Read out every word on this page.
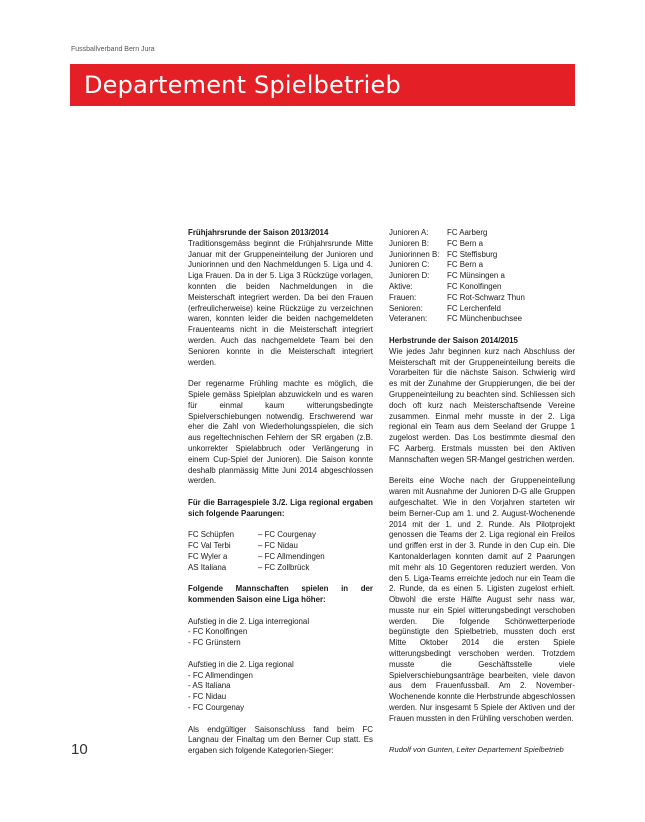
Fussballverband Bern Jura
Departement Spielbetrieb
Frühjahrsrunde der Saison 2013/2014

Traditionsgemäss beginnt die Frühjahrsrunde Mitte Januar mit der Gruppeneinteilung der Junioren und Juniorinnen und den Nachmeldungen 5. Liga und 4. Liga Frauen. Da in der 5. Liga 3 Rückzüge vorlagen, konnten die beiden Nachmeldungen in die Meisterschaft integriert werden. Da bei den Frauen (erfreulicherweise) keine Rückzüge zu verzeichnen waren, konnten leider die beiden nachgemeldeten Frauenteams nicht in die Meisterschaft integriert werden. Auch das nachgemeldete Team bei den Senioren konnte in die Meisterschaft integriert werden.

Der regenarme Frühling machte es möglich, die Spiele gemäss Spielplan abzuwickeln und es waren für einmal kaum witterungsbedingte Spielverschiebungen notwendig. Erschwerend war eher die Zahl von Wiederholungsspielen, die sich aus regeltechnischen Fehlern der SR ergaben (z.B. unkorrekter Spielabbruch oder Verlängerung in einem Cup-Spiel der Junioren). Die Saison konnte deshalb planmässig Mitte Juni 2014 abgeschlossen werden.

Für die Barragespiele 3./2. Liga regional ergaben sich folgende Paarungen:

FC Schüpfen	– FC Courgenay
FC Val Terbi	– FC Nidau
FC Wyler a	– FC Allmendingen
AS Italiana	– FC Zollbrück

Folgende Mannschaften spielen in der kommenden Saison eine Liga höher:

Aufstieg in die 2. Liga interregional
- FC Konolfingen
- FC Grünstern
Aufstieg in die 2. Liga regional
- FC Allmendingen
- AS Italiana
- FC Nidau
- FC Courgenay

Als endgültiger Saisonschluss fand beim FC Langnau der Finaltag um den Berner Cup statt. Es ergaben sich folgende Kategorien-Sieger:

Junioren A:	FC Aarberg
Junioren B:	FC Bern a
Juniorinnen B: FC Steffisburg
Junioren C:	FC Bern a
Junioren D:	FC Münsingen a
Aktive:	FC Konolfingen
Frauen:	FC Rot-Schwarz Thun
Senioren:	FC Lerchenfeld
Veteranen:	FC Münchenbuchsee
Herbstrunde der Saison 2014/2015

Wie jedes Jahr beginnen kurz nach Abschluss der Meisterschaft mit der Gruppeneinteilung bereits die Vorarbeiten für die nächste Saison. Schwierig wird es mit der Zunahme der Gruppierungen, die bei der Gruppeneinteilung zu beachten sind. Schliessen sich doch oft kurz nach Meisterschaftsende Vereine zusammen. Einmal mehr musste in der 2. Liga regional ein Team aus dem Seeland der Gruppe 1 zugelost werden. Das Los bestimmte diesmal den FC Aarberg. Erstmals mussten bei den Aktiven Mannschaften wegen SR-Mangel gestrichen werden.

Bereits eine Woche nach der Gruppeneinteilung waren mit Ausnahme der Junioren D-G alle Gruppen aufgeschaltet. Wie in den Vorjahren starteten wir beim Berner-Cup am 1. und 2. August-Wochenende 2014 mit der 1. und 2. Runde. Als Pilotprojekt genossen die Teams der 2. Liga regional ein Freilos und griffen erst in der 3. Runde in den Cup ein. Die Kantonalderlagen konnten damit auf 2 Paarungen mit mehr als 10 Gegentoren reduziert werden. Von den 5. Liga-Teams erreichte jedoch nur ein Team die 2. Runde, da es einen 5. Ligisten zugelost erhielt. Obwohl die erste Hälfte August sehr nass war, musste nur ein Spiel witterungsbedingt verschoben werden. Die folgende Schönwetterperiode begünstigte den Spielbetrieb, mussten doch erst Mitte Oktober 2014 die ersten Spiele witterungsbedingt verschoben werden. Trotzdem musste die Geschäftsstelle viele Spielverschiebungsanträge bearbeiten, viele davon aus dem Frauenfussball. Am 2. November-Wochenende konnte die Herbstrunde abgeschlossen werden. Nur insgesamt 5 Spiele der Aktiven und der Frauen mussten in den Frühling verschoben werden.

Rudolf von Gunten, Leiter Departement Spielbetrieb
10
